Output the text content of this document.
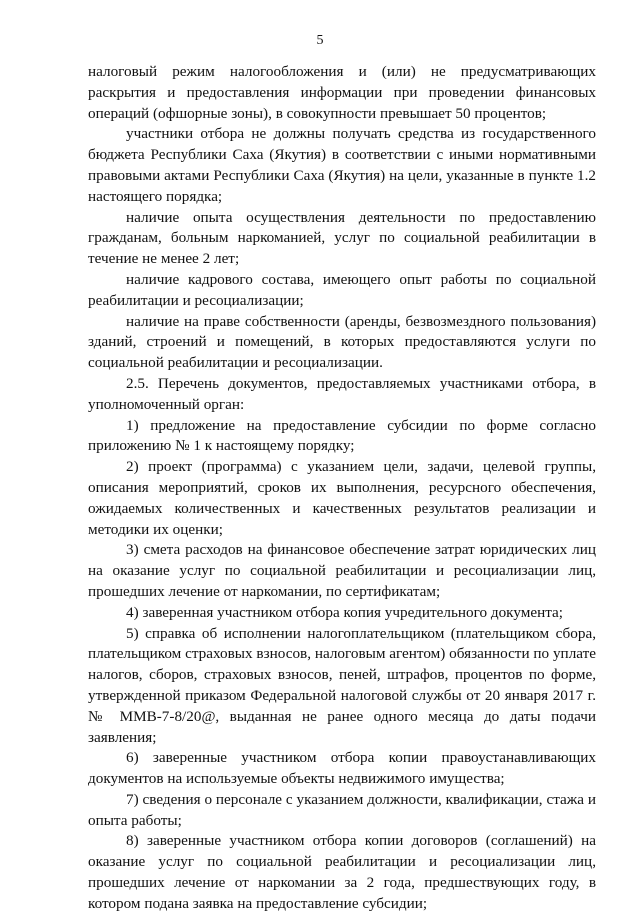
5

налоговый режим налогообложения и (или) не предусматривающих раскрытия и предоставления информации при проведении финансовых операций (офшорные зоны), в совокупности превышает 50 процентов;

участники отбора не должны получать средства из государственного бюджета Республики Саха (Якутия) в соответствии с иными нормативными правовыми актами Республики Саха (Якутия) на цели, указанные в пункте 1.2 настоящего порядка;

наличие опыта осуществления деятельности по предоставлению гражданам, больным наркоманией, услуг по социальной реабилитации в течение не менее 2 лет;

наличие кадрового состава, имеющего опыт работы по социальной реабилитации и ресоциализации;

наличие на праве собственности (аренды, безвозмездного пользования) зданий, строений и помещений, в которых предоставляются услуги по социальной реабилитации и ресоциализации.

2.5. Перечень документов, предоставляемых участниками отбора, в уполномоченный орган:

1) предложение на предоставление субсидии по форме согласно приложению № 1 к настоящему порядку;

2) проект (программа) с указанием цели, задачи, целевой группы, описания мероприятий, сроков их выполнения, ресурсного обеспечения, ожидаемых количественных и качественных результатов реализации и методики их оценки;

3) смета расходов на финансовое обеспечение затрат юридических лиц на оказание услуг по социальной реабилитации и ресоциализации лиц, прошедших лечение от наркомании, по сертификатам;

4) заверенная участником отбора копия учредительного документа;

5) справка об исполнении налогоплательщиком (плательщиком сбора, плательщиком страховых взносов, налоговым агентом) обязанности по уплате налогов, сборов, страховых взносов, пеней, штрафов, процентов по форме, утвержденной приказом Федеральной налоговой службы от 20 января 2017 г. № ММВ-7-8/20@, выданная не ранее одного месяца до даты подачи заявления;

6) заверенные участником отбора копии правоустанавливающих документов на используемые объекты недвижимого имущества;

7) сведения о персонале с указанием должности, квалификации, стажа и опыта работы;

8) заверенные участником отбора копии договоров (соглашений) на оказание услуг по социальной реабилитации и ресоциализации лиц, прошедших лечение от наркомании за 2 года, предшествующих году, в котором подана заявка на предоставление субсидии;
